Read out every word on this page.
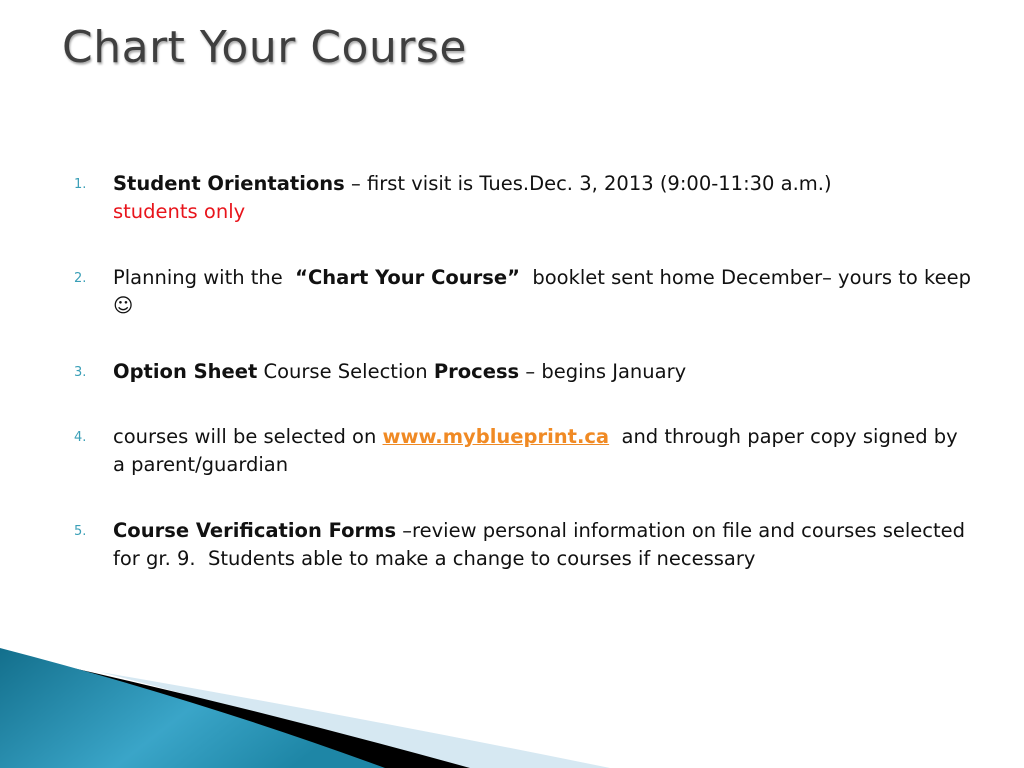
Chart Your Course
1. Student Orientations – first visit is Tues.Dec. 3, 2013 (9:00-11:30 a.m.)
students only
2. Planning with the  “Chart Your Course”  booklet sent home December– yours to keep☺
3. Option Sheet Course Selection Process – begins January
4. courses will be selected on www.myblueprint.ca  and through paper copy signed by a parent/guardian
5. Course Verification Forms –review personal information on file and courses selected for gr. 9.  Students able to make a change to courses if necessary
